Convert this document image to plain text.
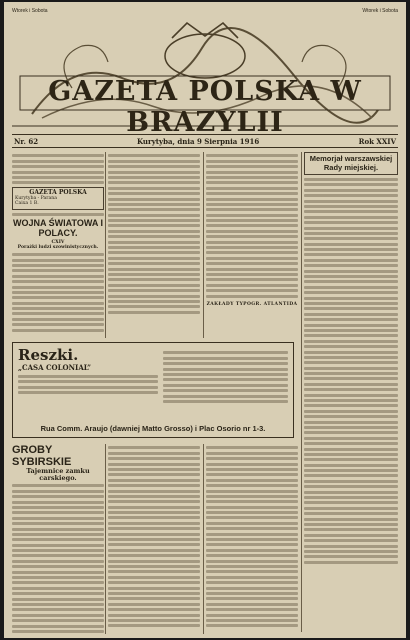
Wtorek i Sobota	Wtorek i Sobota
GAZETA POLSKA W BRAZYLII
Nr. 62	Kurytyba, dnia 9 Sierpnia 1916	Rok XXIV
GAZETA POLSKA
Kurytyba - Parana
Caixa 1 B.
WOJNA ŚWIATOWA I POLACY.
CXIV
Porażki ludzi szowinistycznych.
ZAKŁADY TYPOGR. ATLANTIDA
Memorjał warszawskiej Rady miejskiej.
Reszki.
„CASA COLONIAL”
Rua Comm. Araujo (dawniej Matto Grosso) i Plac Osorio nr 1-3.
GROBY SYBIRSKIE
Tajemnice zamku carskiego.
